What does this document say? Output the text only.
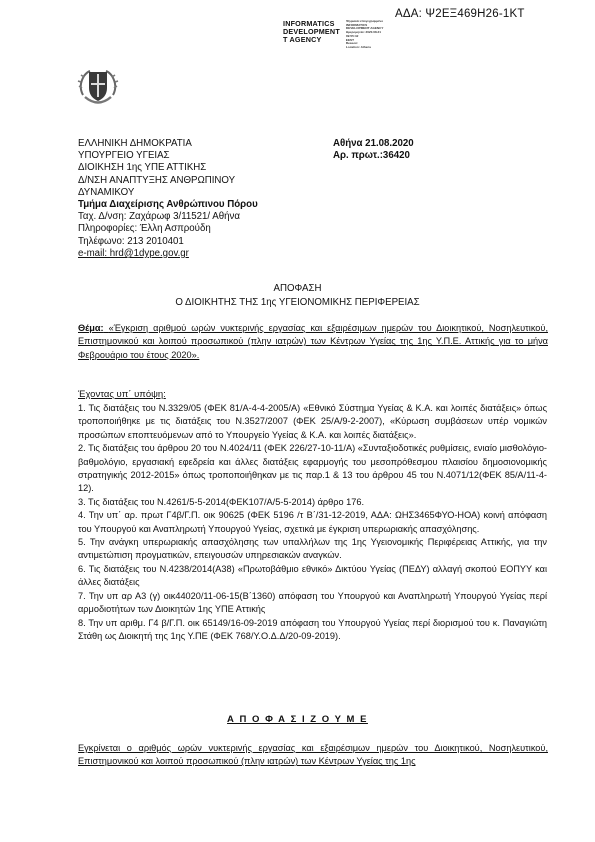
ΑΔΑ: Ψ2ΕΞ469Η26-1ΚΤ
INFORMATICS
DEVELOPMENT
T AGENCY
Ψηφιακά υπογεγραμμένο
INFORMATICS
DEVELOPMENT AGENCY
Ημερομηνία: 2020.08.21
09:55:42
EEST
Reason:
Location: Athens
ΕΛΛΗΝΙΚΗ ΔΗΜΟΚΡΑΤΙΑ
ΥΠΟΥΡΓΕΙΟ ΥΓΕΙΑΣ
ΔΙΟΙΚΗΣΗ 1ης ΥΠΕ ΑΤΤΙΚΗΣ
Δ/ΝΣΗ ΑΝΑΠΤΥΞΗΣ ΑΝΘΡΩΠΙΝΟΥ
ΔΥΝΑΜΙΚΟΥ
Τμήμα Διαχείρισης Ανθρώπινου Πόρου
Ταχ. Δ/νση: Ζαχάρωφ 3/11521/ Αθήνα
Πληροφορίες: Έλλη Ασπρούδη
Τηλέφωνο: 213 2010401
e-mail: hrd@1dype.gov.gr
Αθήνα 21.08.2020
Αρ. πρωτ.:36420
ΑΠΟΦΑΣΗ
Ο ΔΙΟΙΚΗΤΗΣ ΤΗΣ 1ης ΥΓΕΙΟΝΟΜΙΚΗΣ ΠΕΡΙΦΕΡΕΙΑΣ
Θέμα: «Έγκριση αριθμού ωρών νυκτερινής εργασίας και εξαιρέσιμων ημερών του Διοικητικού, Νοσηλευτικού, Επιστημονικού και λοιπού προσωπικού (πλην ιατρών) των Κέντρων Υγείας της 1ης Υ.Π.Ε. Αττικής για το μήνα Φεβρουάριο του έτους 2020».
Έχοντας υπ΄ υπόψη:

1. Τις διατάξεις του Ν.3329/05 (ΦΕΚ 81/Α-4-4-2005/Α) «Εθνικό Σύστημα Υγείας & Κ.Α. και λοιπές διατάξεις» όπως τροποποιήθηκε με τις διατάξεις του Ν.3527/2007 (ΦΕΚ 25/Α/9-2-2007), «Κύρωση συμβάσεων υπέρ νομικών προσώπων εποπτευόμενων από το Υπουργείο Υγείας & Κ.Α. και λοιπές διατάξεις».

2. Τις διατάξεις του άρθρου 20 του Ν.4024/11 (ΦΕΚ 226/27-10-11/Α) «Συνταξιοδοτικές ρυθμίσεις, ενιαίο μισθολόγιο-βαθμολόγιο, εργασιακή εφεδρεία και άλλες διατάξεις εφαρμογής του μεσοπρόθεσμου πλαισίου δημοσιονομικής στρατηγικής 2012-2015» όπως τροποποιήθηκαν με τις παρ.1 & 13 του άρθρου 45 του Ν.4071/12(ΦΕΚ 85/Α/11-4-12).

3. Τις διατάξεις του Ν.4261/5-5-2014(ΦΕΚ107/Α/5-5-2014) άρθρο 176.

4. Την υπ΄ αρ. πρωτ Γ4β/Γ.Π. οικ 90625 (ΦΕΚ 5196 /τ Β΄/31-12-2019, ΑΔΑ: ΩΗΣ3465ΦΥΟ-ΗΟΑ) κοινή απόφαση του Υπουργού και Αναπληρωτή Υπουργού Υγείας, σχετικά με έγκριση υπερωριακής απασχόλησης.

5. Την ανάγκη υπερωριακής απασχόλησης των υπαλλήλων της 1ης Υγειονομικής Περιφέρειας Αττικής, για την αντιμετώπιση προγματικών, επειγουσών υπηρεσιακών αναγκών.

6. Τις διατάξεις του Ν.4238/2014(Α38) «Πρωτοβάθμιο εθνικό» Δικτύου Υγείας (ΠΕΔΥ) αλλαγή σκοπού ΕΟΠΥΥ και άλλες διατάξεις

7. Την υπ αρ Α3 (γ) οικ44020/11-06-15(Β΄1360) απόφαση του Υπουργού και Αναπληρωτή Υπουργού Υγείας περί αρμοδιοτήτων των Διοικητών 1ης ΥΠΕ Αττικής

8. Την υπ αριθμ. Γ4 β/Γ.Π. οικ 65149/16-09-2019 απόφαση του Υπουργού Υγείας περί διορισμού του κ. Παναγιώτη Στάθη ως Διοικητή της 1ης Υ.ΠΕ (ΦΕΚ 768/Υ.Ο.Δ.Δ/20-09-2019).

Α Π Ο Φ Α Σ Ι Ζ Ο Υ Μ Ε
Εγκρίνεται ο αριθμός ωρών νυκτερινής εργασίας και εξαιρέσιμων ημερών του Διοικητικού, Νοσηλευτικού, Επιστημονικού και λοιπού προσωπικού (πλην ιατρών) των Κέντρων Υγείας της 1ης
